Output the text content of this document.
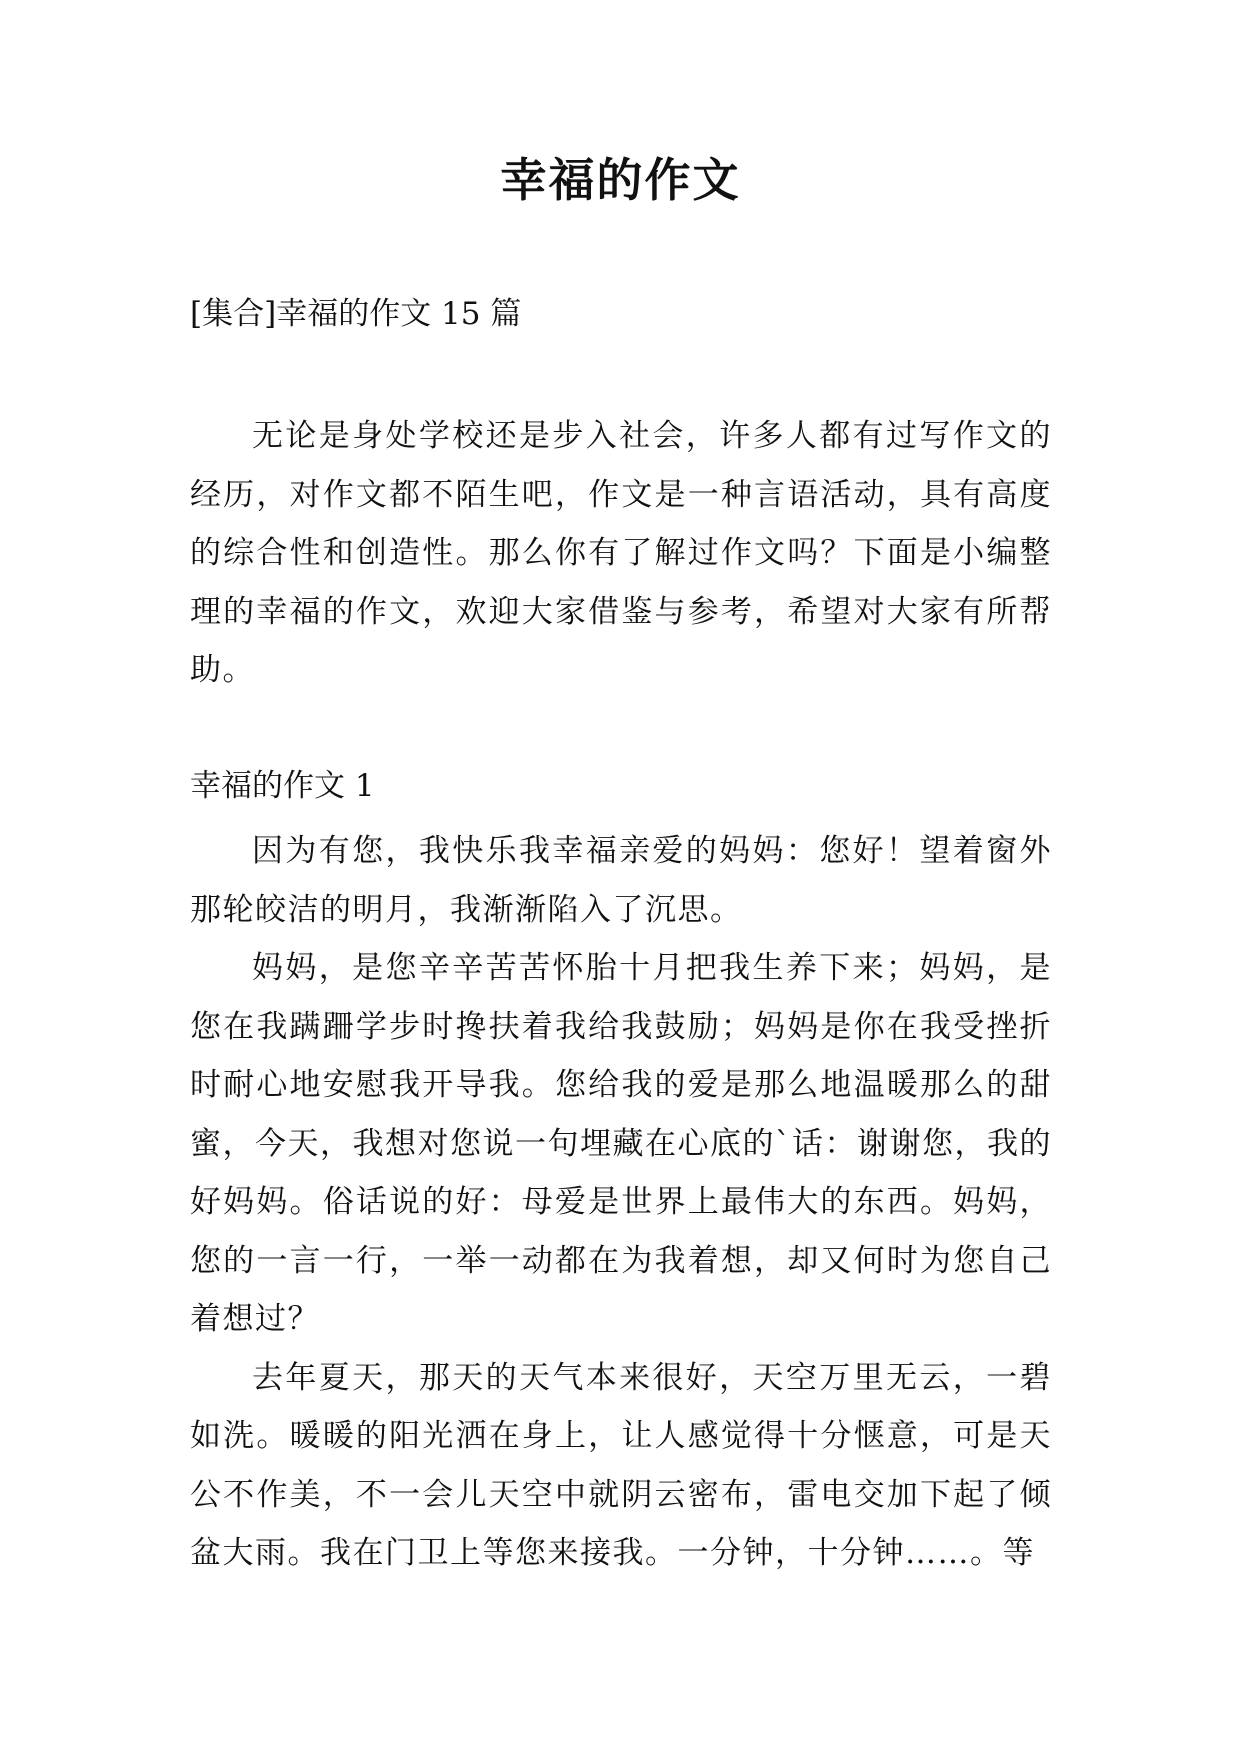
幸福的作文

[集合]幸福的作文 15 篇

无论是身处学校还是步入社会，许多人都有过写作文的经历，对作文都不陌生吧，作文是一种言语活动，具有高度的综合性和创造性。那么你有了解过作文吗？下面是小编整理的幸福的作文，欢迎大家借鉴与参考，希望对大家有所帮助。

幸福的作文 1

因为有您，我快乐我幸福亲爱的妈妈：您好！望着窗外那轮皎洁的明月，我渐渐陷入了沉思。

妈妈，是您辛辛苦苦怀胎十月把我生养下来；妈妈，是您在我蹒跚学步时搀扶着我给我鼓励；妈妈是你在我受挫折时耐心地安慰我开导我。您给我的爱是那么地温暖那么的甜蜜，今天，我想对您说一句埋藏在心底的`话：谢谢您，我的好妈妈。俗话说的好：母爱是世界上最伟大的东西。妈妈，您的一言一行，一举一动都在为我着想，却又何时为您自己着想过？

去年夏天，那天的天气本来很好，天空万里无云，一碧如洗。暖暖的阳光洒在身上，让人感觉得十分惬意，可是天公不作美，不一会儿天空中就阴云密布，雷电交加下起了倾盆大雨。我在门卫上等您来接我。一分钟，十分钟……。等
